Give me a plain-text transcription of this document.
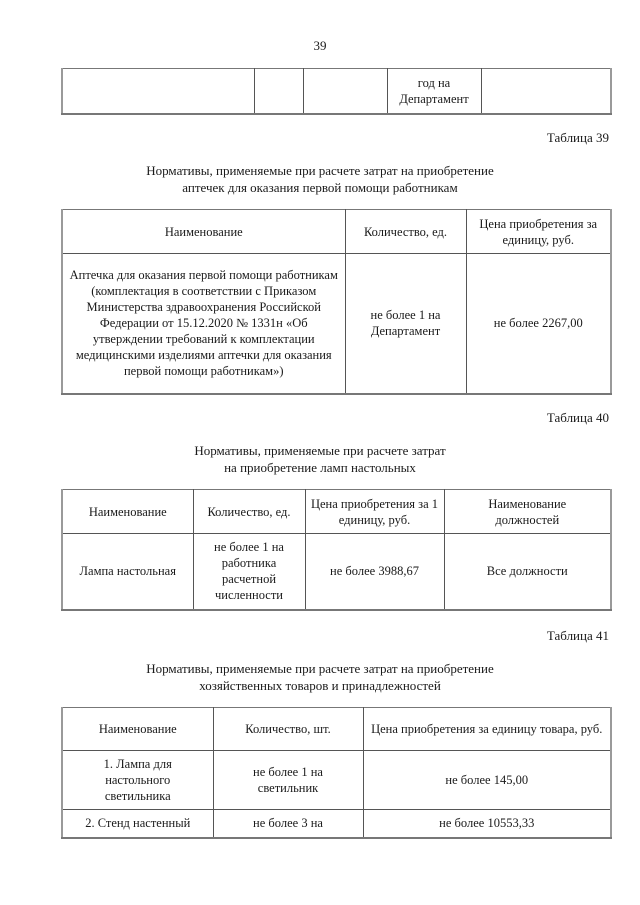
39
			год на Департамент	
Таблица 39
Нормативы, применяемые при расчете затрат на приобретение
аптечек для оказания первой помощи работникам
Наименование	Количество, ед.	Цена приобретения за единицу, руб.
Аптечка для оказания первой помощи работникам (комплектация в соответствии с Приказом Министерства здравоохранения Российской Федерации от 15.12.2020 № 1331н «Об утверждении требований к комплектации медицинскими изделиями аптечки для оказания первой помощи работникам»)	не более 1 на Департамент	не более 2267,00
Таблица 40
Нормативы, применяемые при расчете затрат
на приобретение ламп настольных
Наименование	Количество, ед.	Цена приобретения за 1 единицу, руб.	Наименование должностей
Лампа настольная	не более 1 на работника расчетной численности	не более 3988,67	Все должности
Таблица 41
Нормативы, применяемые при расчете затрат на приобретение
хозяйственных товаров и принадлежностей
Наименование	Количество, шт.	Цена приобретения за единицу товара, руб.
1. Лампа для настольного светильника	не более 1 на светильник	не более 145,00
2. Стенд настенный	не более 3 на	не более 10553,33
